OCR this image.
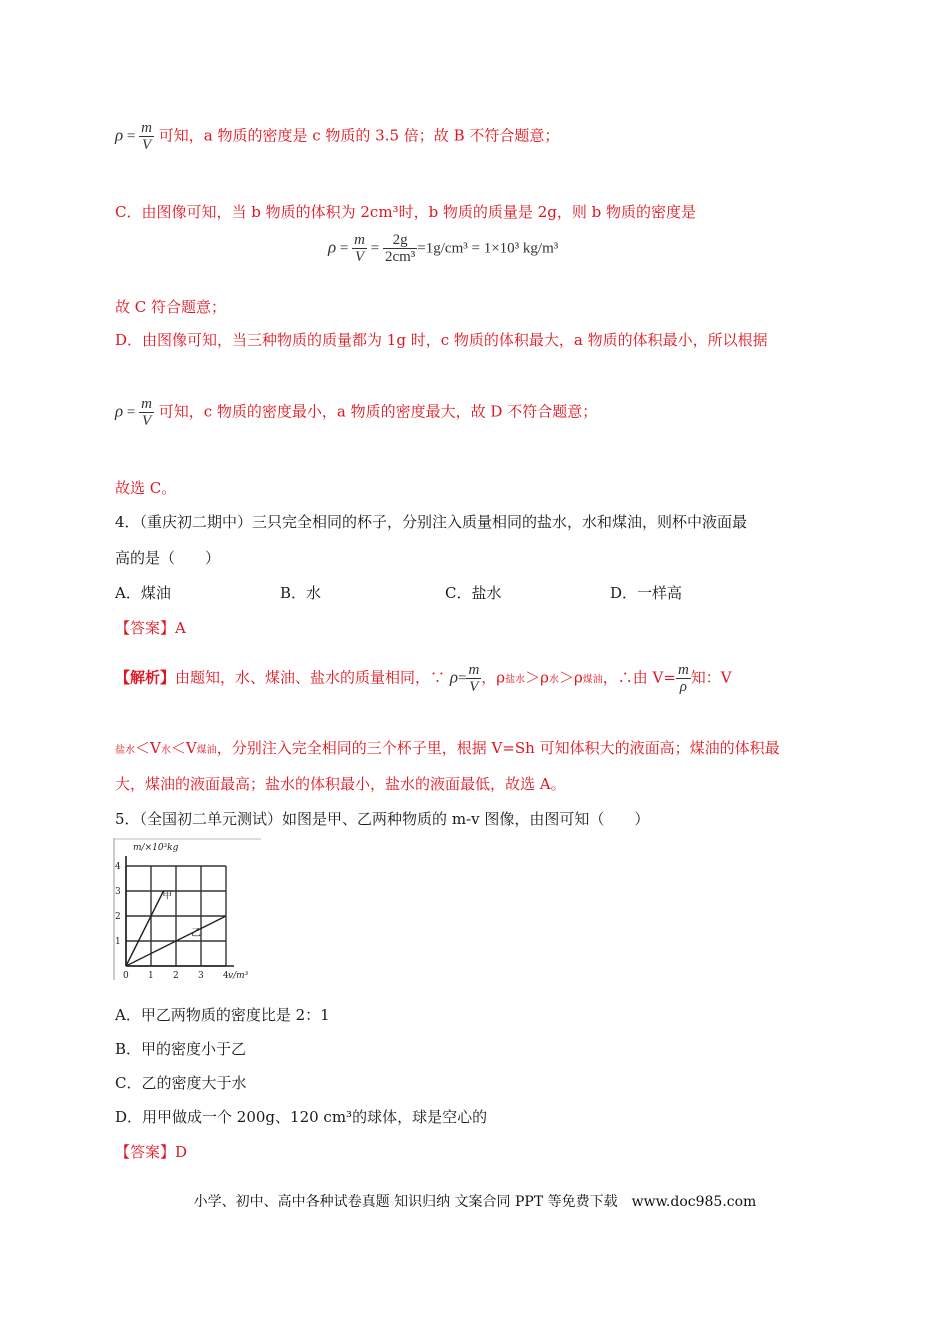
$\rho = \frac{m}{V}$ 可知，a 物质的密度是 c 物质的 3.5 倍；故 B 不符合题意；
C．由图像可知，当 b 物质的体积为 2cm³时，b 物质的质量是 2g，则 b 物质的密度是
$\rho = \frac{m}{V} = \frac{2g}{\text{2cm³}} =1g/cm^3 = 1\times 10^3$ kg/m³
故 C 符合题意；
D．由图像可知，当三种物质的质量都为 1g 时，c 物质的体积最大，a 物质的体积最小，所以根据
$\rho = \frac{m}{V}$ 可知，c 物质的密度最小，a 物质的密度最大，故 D 不符合题意；
故选 C。
4．（重庆初二期中）三只完全相同的杯子，分别注入质量相同的盐水，水和煤油，则杯中液面最
高的是（　　）
A．煤油	B．水	C．盐水	D．一样高
【答案】A
【解析】由题知，水、煤油、盐水的质量相同，∵ $\rho= \frac{m}{V}$ ，ρ盐水＞ρ水＞ρ煤油，∴由 $V= \frac{m}{\rho}$ 知：V
盐水＜V水＜V煤油，分别注入完全相同的三个杯子里，根据 V=Sh 可知体积大的液面高；煤油的体积最
大，煤油的液面最高；盐水的体积最小，盐水的液面最低，故选 A。
5．（全国初二单元测试）如图是甲、乙两种物质的 m-v 图像，由图可知（　　）
甲
乙
0 1 2 3 4
1
2
3
4
m/×10³kg
v/m³
A．甲乙两物质的密度比是 2：1
B．甲的密度小于乙
C．乙的密度大于水
D．用甲做成一个 200g、120 cm³的球体，球是空心的
【答案】D
小学、初中、高中各种试卷真题 知识归纳 文案合同 PPT 等免费下载　www.doc985.com
